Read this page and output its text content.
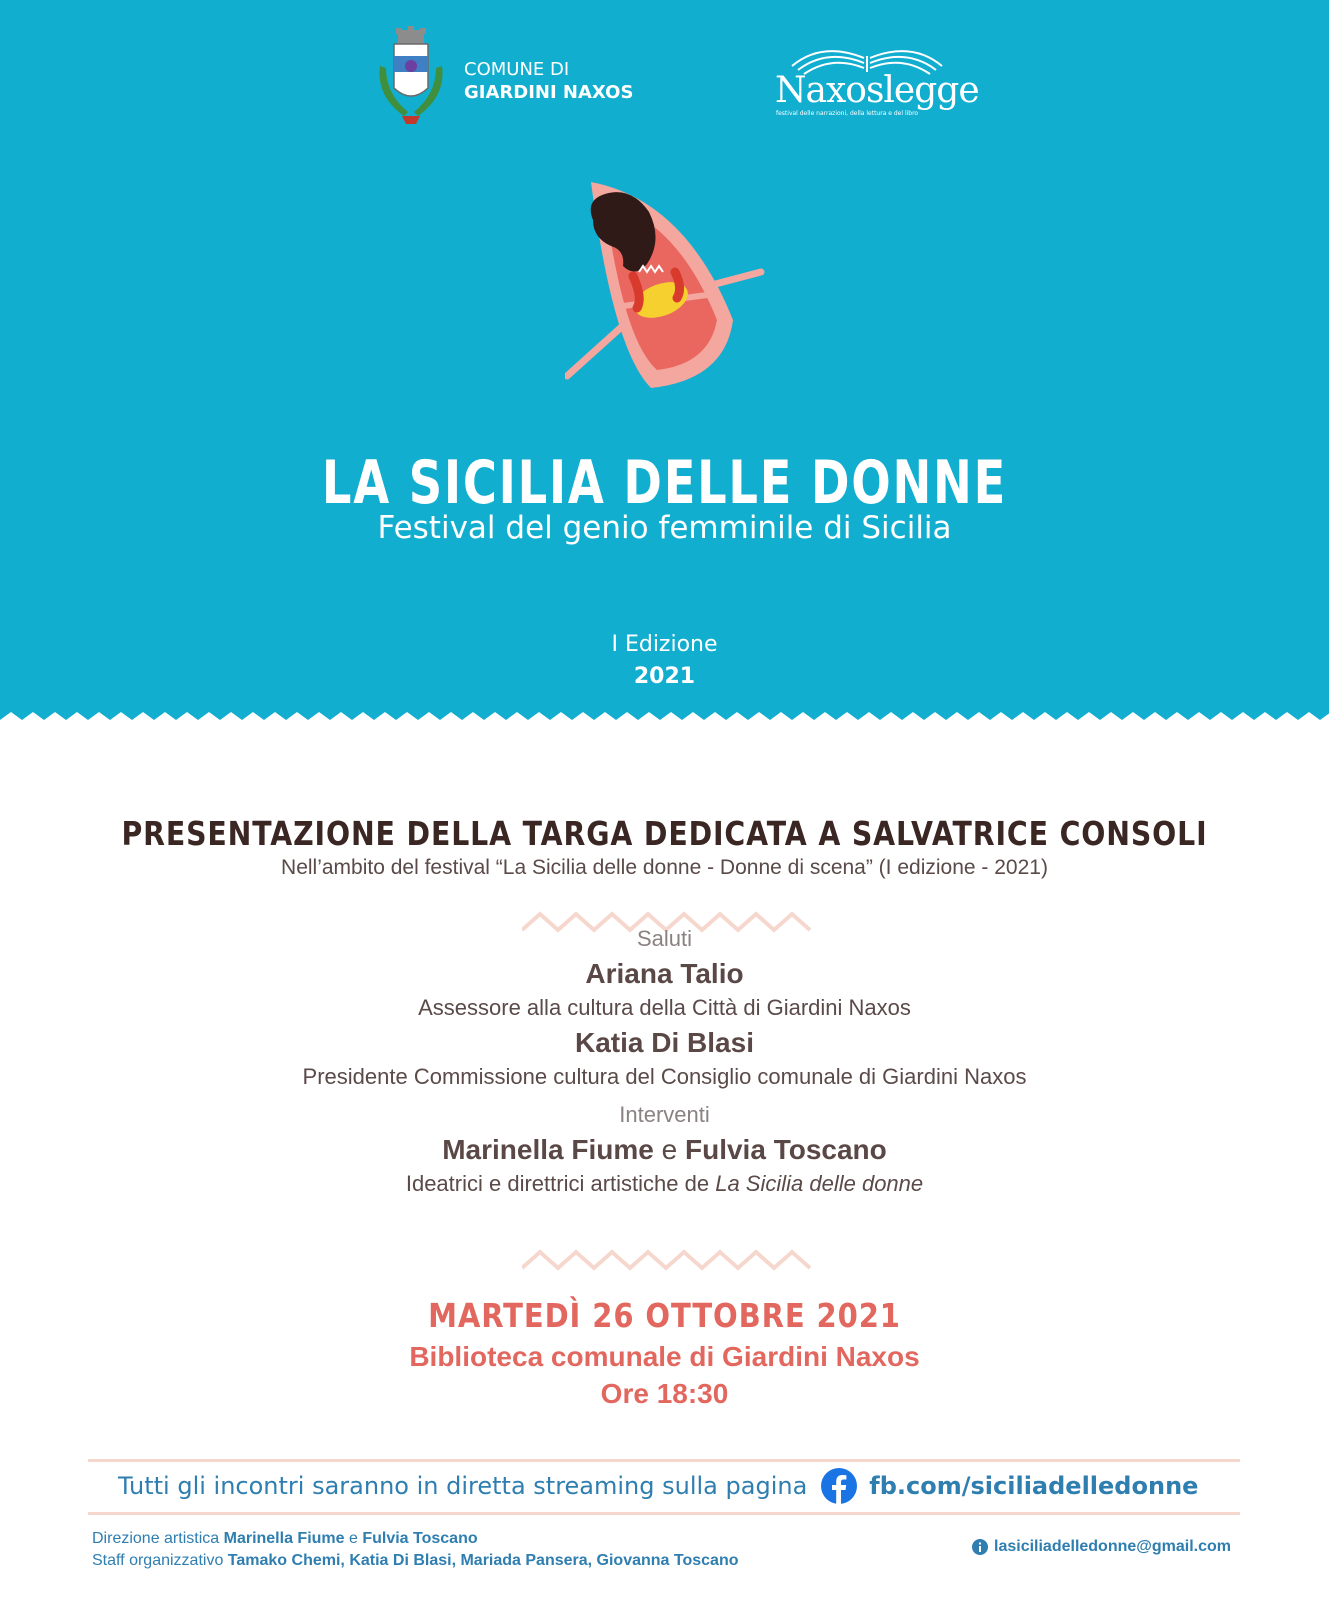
COMUNE DI
GIARDINI NAXOS	Naxoslegge
festival delle narrazioni, della lettura e del libro
LA SICILIA DELLE DONNE
Festival del genio femminile di Sicilia
I Edizione
2021
PRESENTAZIONE DELLA TARGA DEDICATA A SALVATRICE CONSOLI
Nell’ambito del festival “La Sicilia delle donne - Donne di scena” (I edizione - 2021)
Saluti
Ariana Talio
Assessore alla cultura della Città di Giardini Naxos
Katia Di Blasi
Presidente Commissione cultura del Consiglio comunale di Giardini Naxos
Interventi
Marinella Fiume e Fulvia Toscano
Ideatrici e direttrici artistiche de La Sicilia delle donne
MARTEDÌ 26 OTTOBRE 2021
Biblioteca comunale di Giardini Naxos
Ore 18:30
Tutti gli incontri saranno in diretta streaming sulla pagina	fb.com/siciliadelledonne
Direzione artistica Marinella Fiume e Fulvia Toscano
Staff organizzativo Tamako Chemi, Katia Di Blasi, Mariada Pansera, Giovanna Toscano
lasiciliadelledonne@gmail.com
